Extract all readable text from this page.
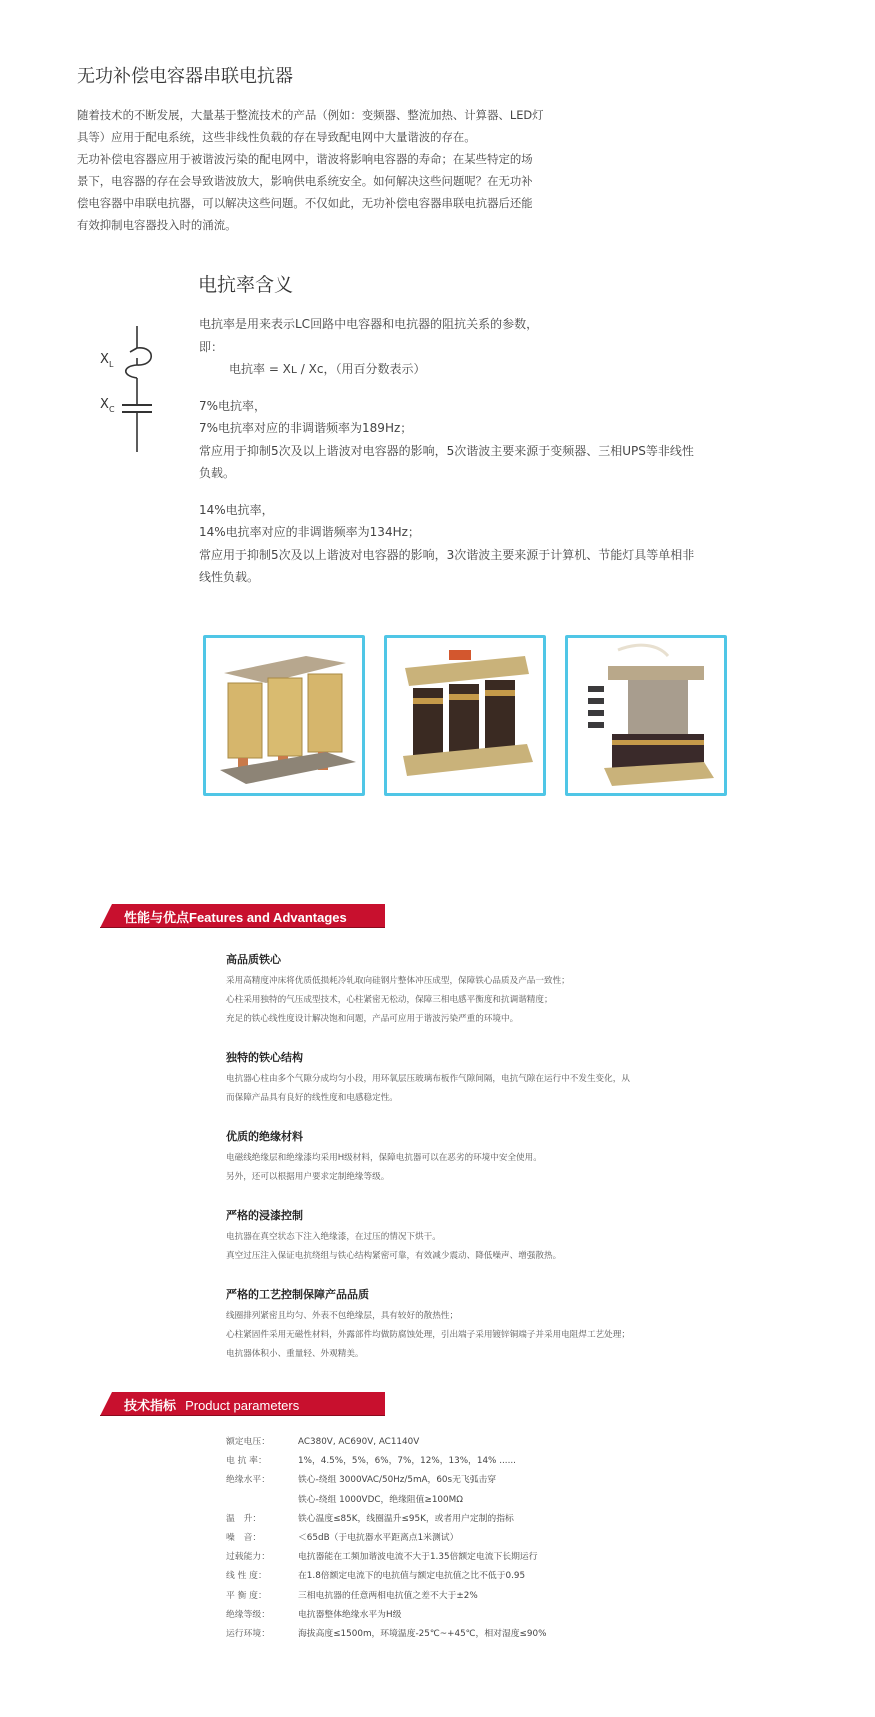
无功补偿电容器串联电抗器

随着技术的不断发展，大量基于整流技术的产品（例如：变频器、整流加热、计算器、LED灯

具等）应用于配电系统，这些非线性负载的存在导致配电网中大量谐波的存在。

无功补偿电容器应用于被谐波污染的配电网中，谐波将影响电容器的寿命；在某些特定的场

景下，电容器的存在会导致谐波放大，影响供电系统安全。如何解决这些问题呢？在无功补

偿电容器中串联电抗器，可以解决这些问题。不仅如此，无功补偿电容器串联电抗器后还能

有效抑制电容器投入时的涌流。

电抗率含义
X L
X C
电抗率是用来表示LC回路中电容器和电抗器的阻抗关系的参数，
即：
电抗率 = Xʟ / Xᴄ，（用百分数表示）
7%电抗率，
7%电抗率对应的非调谐频率为189Hz；
常应用于抑制5次及以上谐波对电容器的影响，5次谐波主要来源于变频器、三相UPS等非线性
负载。
14%电抗率，
14%电抗率对应的非调谐频率为134Hz；
常应用于抑制5次及以上谐波对电容器的影响，3次谐波主要来源于计算机、节能灯具等单相非
线性负载。
性能与优点Features and Advantages
高品质铁心
采用高精度冲床将优质低损耗冷轧取向硅钢片整体冲压成型，保障铁心品质及产品一致性；
心柱采用独特的气压成型技术，心柱紧密无松动，保障三相电感平衡度和抗调谐精度；
充足的铁心线性度设计解决饱和问题，产品可应用于谐波污染严重的环境中。
独特的铁心结构
电抗器心柱由多个气隙分成均匀小段，用环氧层压玻璃布板作气隙间隔，电抗气隙在运行中不发生变化，从
而保障产品具有良好的线性度和电感稳定性。
优质的绝缘材料
电磁线绝缘层和绝缘漆均采用H级材料，保障电抗器可以在恶劣的环境中安全使用。
另外，还可以根据用户要求定制绝缘等级。
严格的浸漆控制
电抗器在真空状态下注入绝缘漆，在过压的情况下烘干。
真空过压注入保证电抗绕组与铁心结构紧密可靠，有效减少震动、降低噪声、增强散热。
严格的工艺控制保障产品品质
线圈排列紧密且均匀、外表不包绝缘层，具有较好的散热性；
心柱紧固件采用无磁性材料，外露部件均做防腐蚀处理，引出端子采用镀锌铜端子并采用电阻焊工艺处理；
电抗器体积小、重量轻、外观精美。
技术指标 Product parameters
额定电压：	AC380V, AC690V, AC1140V
电 抗 率：	1%，4.5%，5%，6%，7%，12%，13%，14% ......
绝缘水平：	铁心-绕组 3000VAC/50Hz/5mA，60s无飞弧击穿
铁心-绕组 1000VDC，绝缘阻值≥100MΩ
温　升：	铁心温度≤85K，线圈温升≤95K，或者用户定制的指标
噪　音：	＜65dB（于电抗器水平距离点1米测试）
过载能力：	电抗器能在工频加谐波电流不大于1.35倍额定电流下长期运行
线 性 度：	在1.8倍额定电流下的电抗值与额定电抗值之比不低于0.95
平 衡 度：	三相电抗器的任意两相电抗值之差不大于±2%
绝缘等级：	电抗器整体绝缘水平为H级
运行环境：	海拔高度≤1500m，环境温度-25℃~+45℃，相对湿度≤90%
